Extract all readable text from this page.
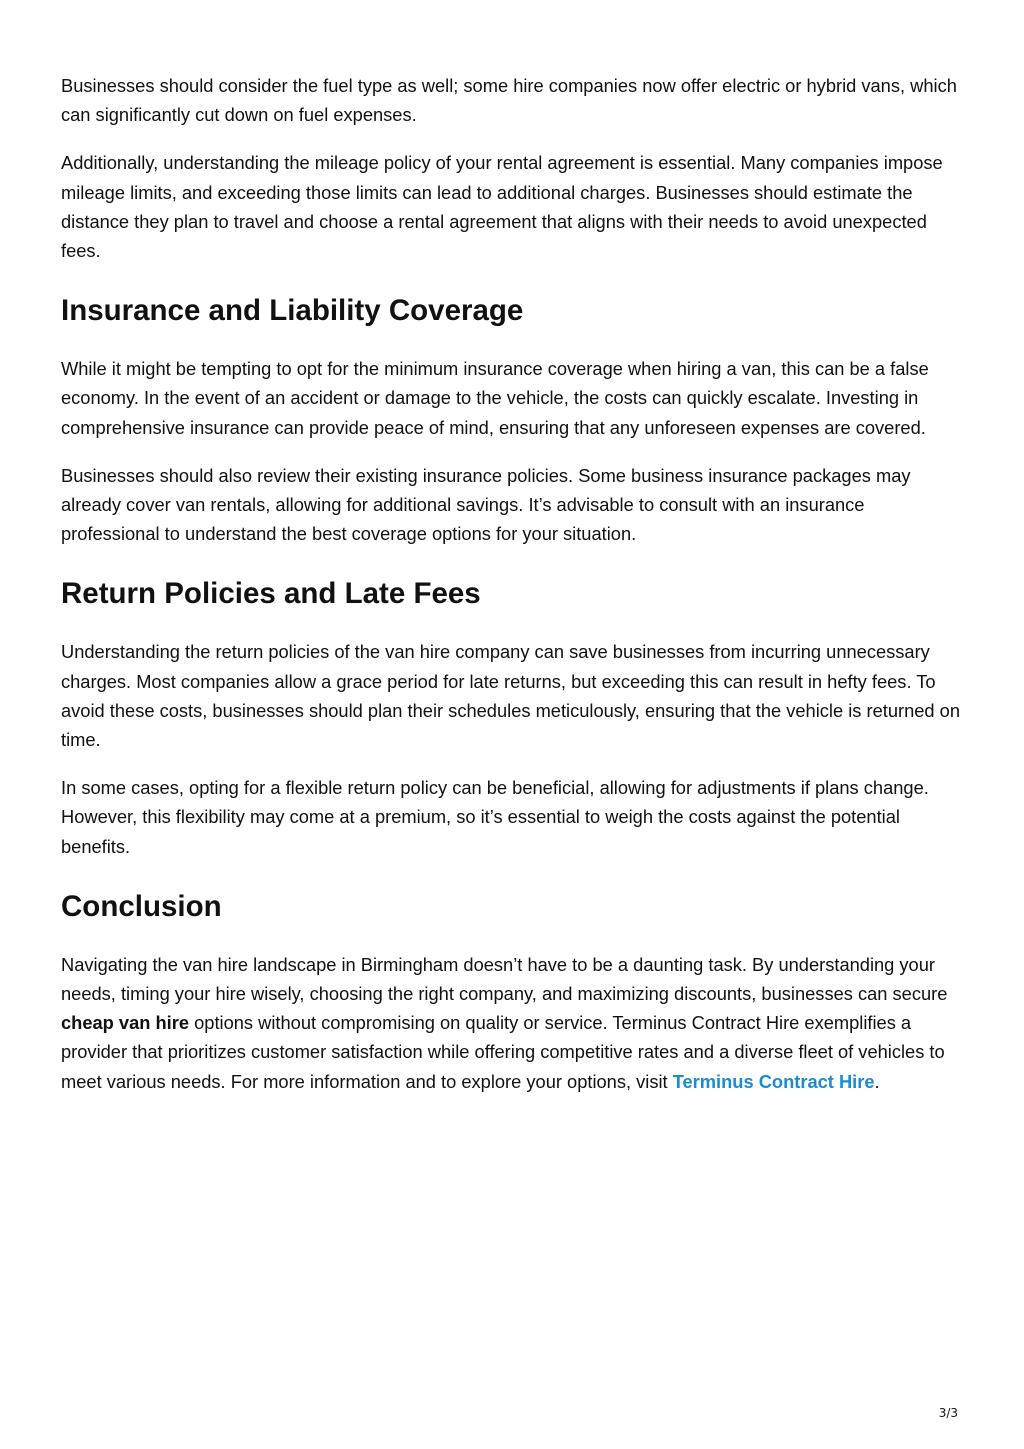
Businesses should consider the fuel type as well; some hire companies now offer electric or hybrid vans, which can significantly cut down on fuel expenses.

Additionally, understanding the mileage policy of your rental agreement is essential. Many companies impose mileage limits, and exceeding those limits can lead to additional charges. Businesses should estimate the distance they plan to travel and choose a rental agreement that aligns with their needs to avoid unexpected fees.

Insurance and Liability Coverage

While it might be tempting to opt for the minimum insurance coverage when hiring a van, this can be a false economy. In the event of an accident or damage to the vehicle, the costs can quickly escalate. Investing in comprehensive insurance can provide peace of mind, ensuring that any unforeseen expenses are covered.

Businesses should also review their existing insurance policies. Some business insurance packages may already cover van rentals, allowing for additional savings. It’s advisable to consult with an insurance professional to understand the best coverage options for your situation.

Return Policies and Late Fees

Understanding the return policies of the van hire company can save businesses from incurring unnecessary charges. Most companies allow a grace period for late returns, but exceeding this can result in hefty fees. To avoid these costs, businesses should plan their schedules meticulously, ensuring that the vehicle is returned on time.

In some cases, opting for a flexible return policy can be beneficial, allowing for adjustments if plans change. However, this flexibility may come at a premium, so it’s essential to weigh the costs against the potential benefits.

Conclusion

Navigating the van hire landscape in Birmingham doesn’t have to be a daunting task. By understanding your needs, timing your hire wisely, choosing the right company, and maximizing discounts, businesses can secure cheap van hire options without compromising on quality or service. Terminus Contract Hire exemplifies a provider that prioritizes customer satisfaction while offering competitive rates and a diverse fleet of vehicles to meet various needs. For more information and to explore your options, visit Terminus Contract Hire.

3/3
